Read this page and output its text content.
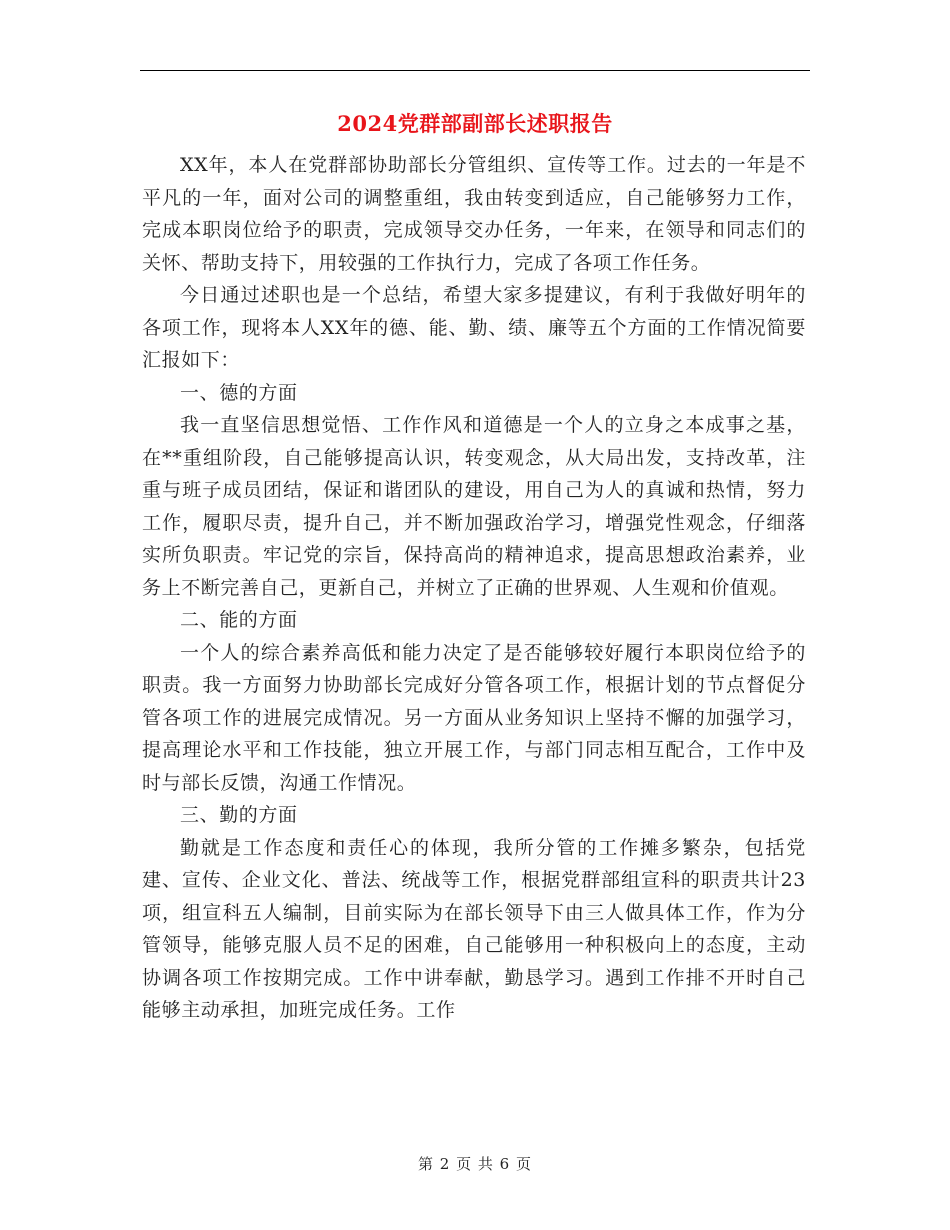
2024党群部副部长述职报告

XX年，本人在党群部协助部长分管组织、宣传等工作。过去的一年是不平凡的一年，面对公司的调整重组，我由转变到适应，自己能够努力工作，完成本职岗位给予的职责，完成领导交办任务，一年来，在领导和同志们的关怀、帮助支持下，用较强的工作执行力，完成了各项工作任务。

今日通过述职也是一个总结，希望大家多提建议，有利于我做好明年的各项工作，现将本人XX年的德、能、勤、绩、廉等五个方面的工作情况简要汇报如下：

一、德的方面

我一直坚信思想觉悟、工作作风和道德是一个人的立身之本成事之基，在**重组阶段，自己能够提高认识，转变观念，从大局出发，支持改革，注重与班子成员团结，保证和谐团队的建设，用自己为人的真诚和热情，努力工作，履职尽责，提升自己，并不断加强政治学习，增强党性观念，仔细落实所负职责。牢记党的宗旨，保持高尚的精神追求，提高思想政治素养，业务上不断完善自己，更新自己，并树立了正确的世界观、人生观和价值观。

二、能的方面

一个人的综合素养高低和能力决定了是否能够较好履行本职岗位给予的职责。我一方面努力协助部长完成好分管各项工作，根据计划的节点督促分管各项工作的进展完成情况。另一方面从业务知识上坚持不懈的加强学习，提高理论水平和工作技能，独立开展工作，与部门同志相互配合，工作中及时与部长反馈，沟通工作情况。

三、勤的方面

勤就是工作态度和责任心的体现，我所分管的工作摊多繁杂，包括党建、宣传、企业文化、普法、统战等工作，根据党群部组宣科的职责共计23项，组宣科五人编制，目前实际为在部长领导下由三人做具体工作，作为分管领导，能够克服人员不足的困难，自己能够用一种积极向上的态度，主动协调各项工作按期完成。工作中讲奉献，勤恳学习。遇到工作排不开时自己能够主动承担，加班完成任务。工作

第 2 页 共 6 页
